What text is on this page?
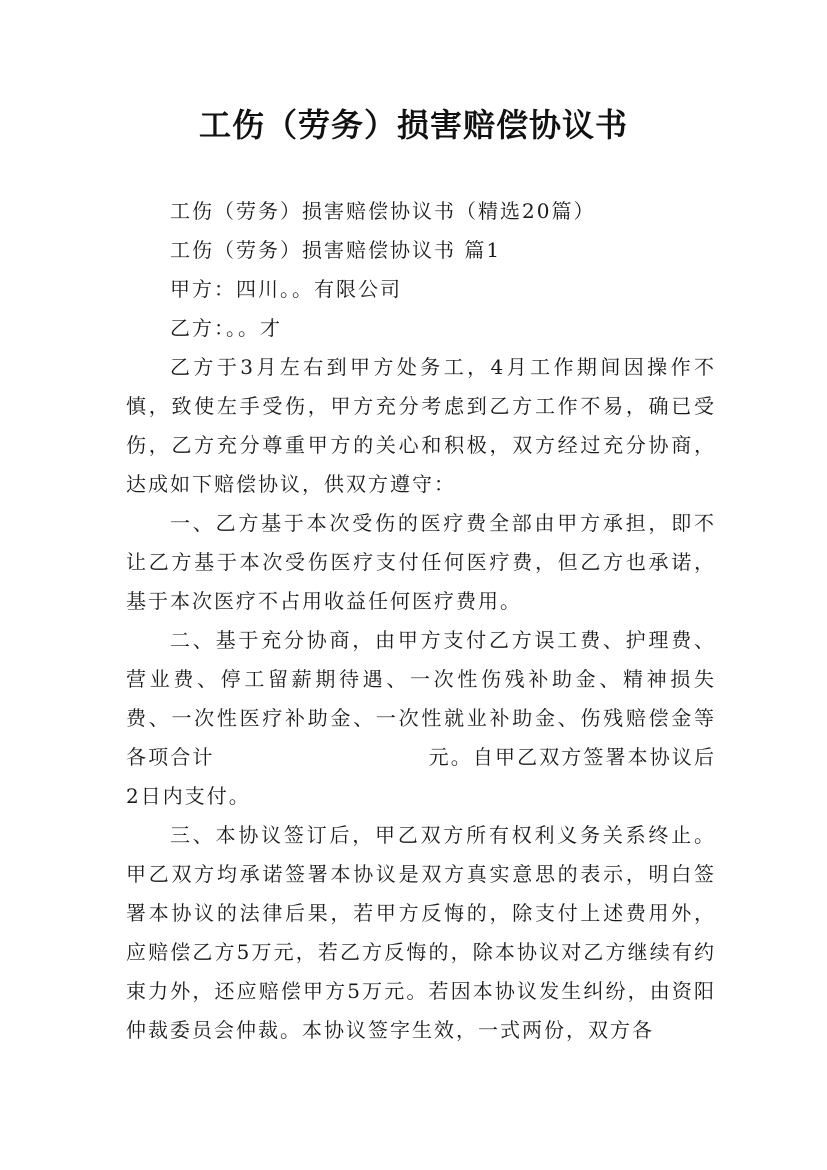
工伤（劳务）损害赔偿协议书

工伤（劳务）损害赔偿协议书（精选20篇）

工伤（劳务）损害赔偿协议书 篇1

甲方：四川。。有限公司

乙方：。。才

乙方于3月左右到甲方处务工，4月工作期间因操作不慎，致使左手受伤，甲方充分考虑到乙方工作不易，确已受伤，乙方充分尊重甲方的关心和积极，双方经过充分协商，达成如下赔偿协议，供双方遵守：

一、乙方基于本次受伤的医疗费全部由甲方承担，即不让乙方基于本次受伤医疗支付任何医疗费，但乙方也承诺，基于本次医疗不占用收益任何医疗费用。

二、基于充分协商，由甲方支付乙方误工费、护理费、营业费、停工留薪期待遇、一次性伤残补助金、精神损失费、一次性医疗补助金、一次性就业补助金、伤残赔偿金等各项合计	元。自甲乙双方签署本协议后2日内支付。

三、本协议签订后，甲乙双方所有权利义务关系终止。甲乙双方均承诺签署本协议是双方真实意思的表示，明白签署本协议的法律后果，若甲方反悔的，除支付上述费用外，应赔偿乙方5万元，若乙方反悔的，除本协议对乙方继续有约束力外，还应赔偿甲方5万元。若因本协议发生纠纷，由资阳仲裁委员会仲裁。本协议签字生效，一式两份，双方各
